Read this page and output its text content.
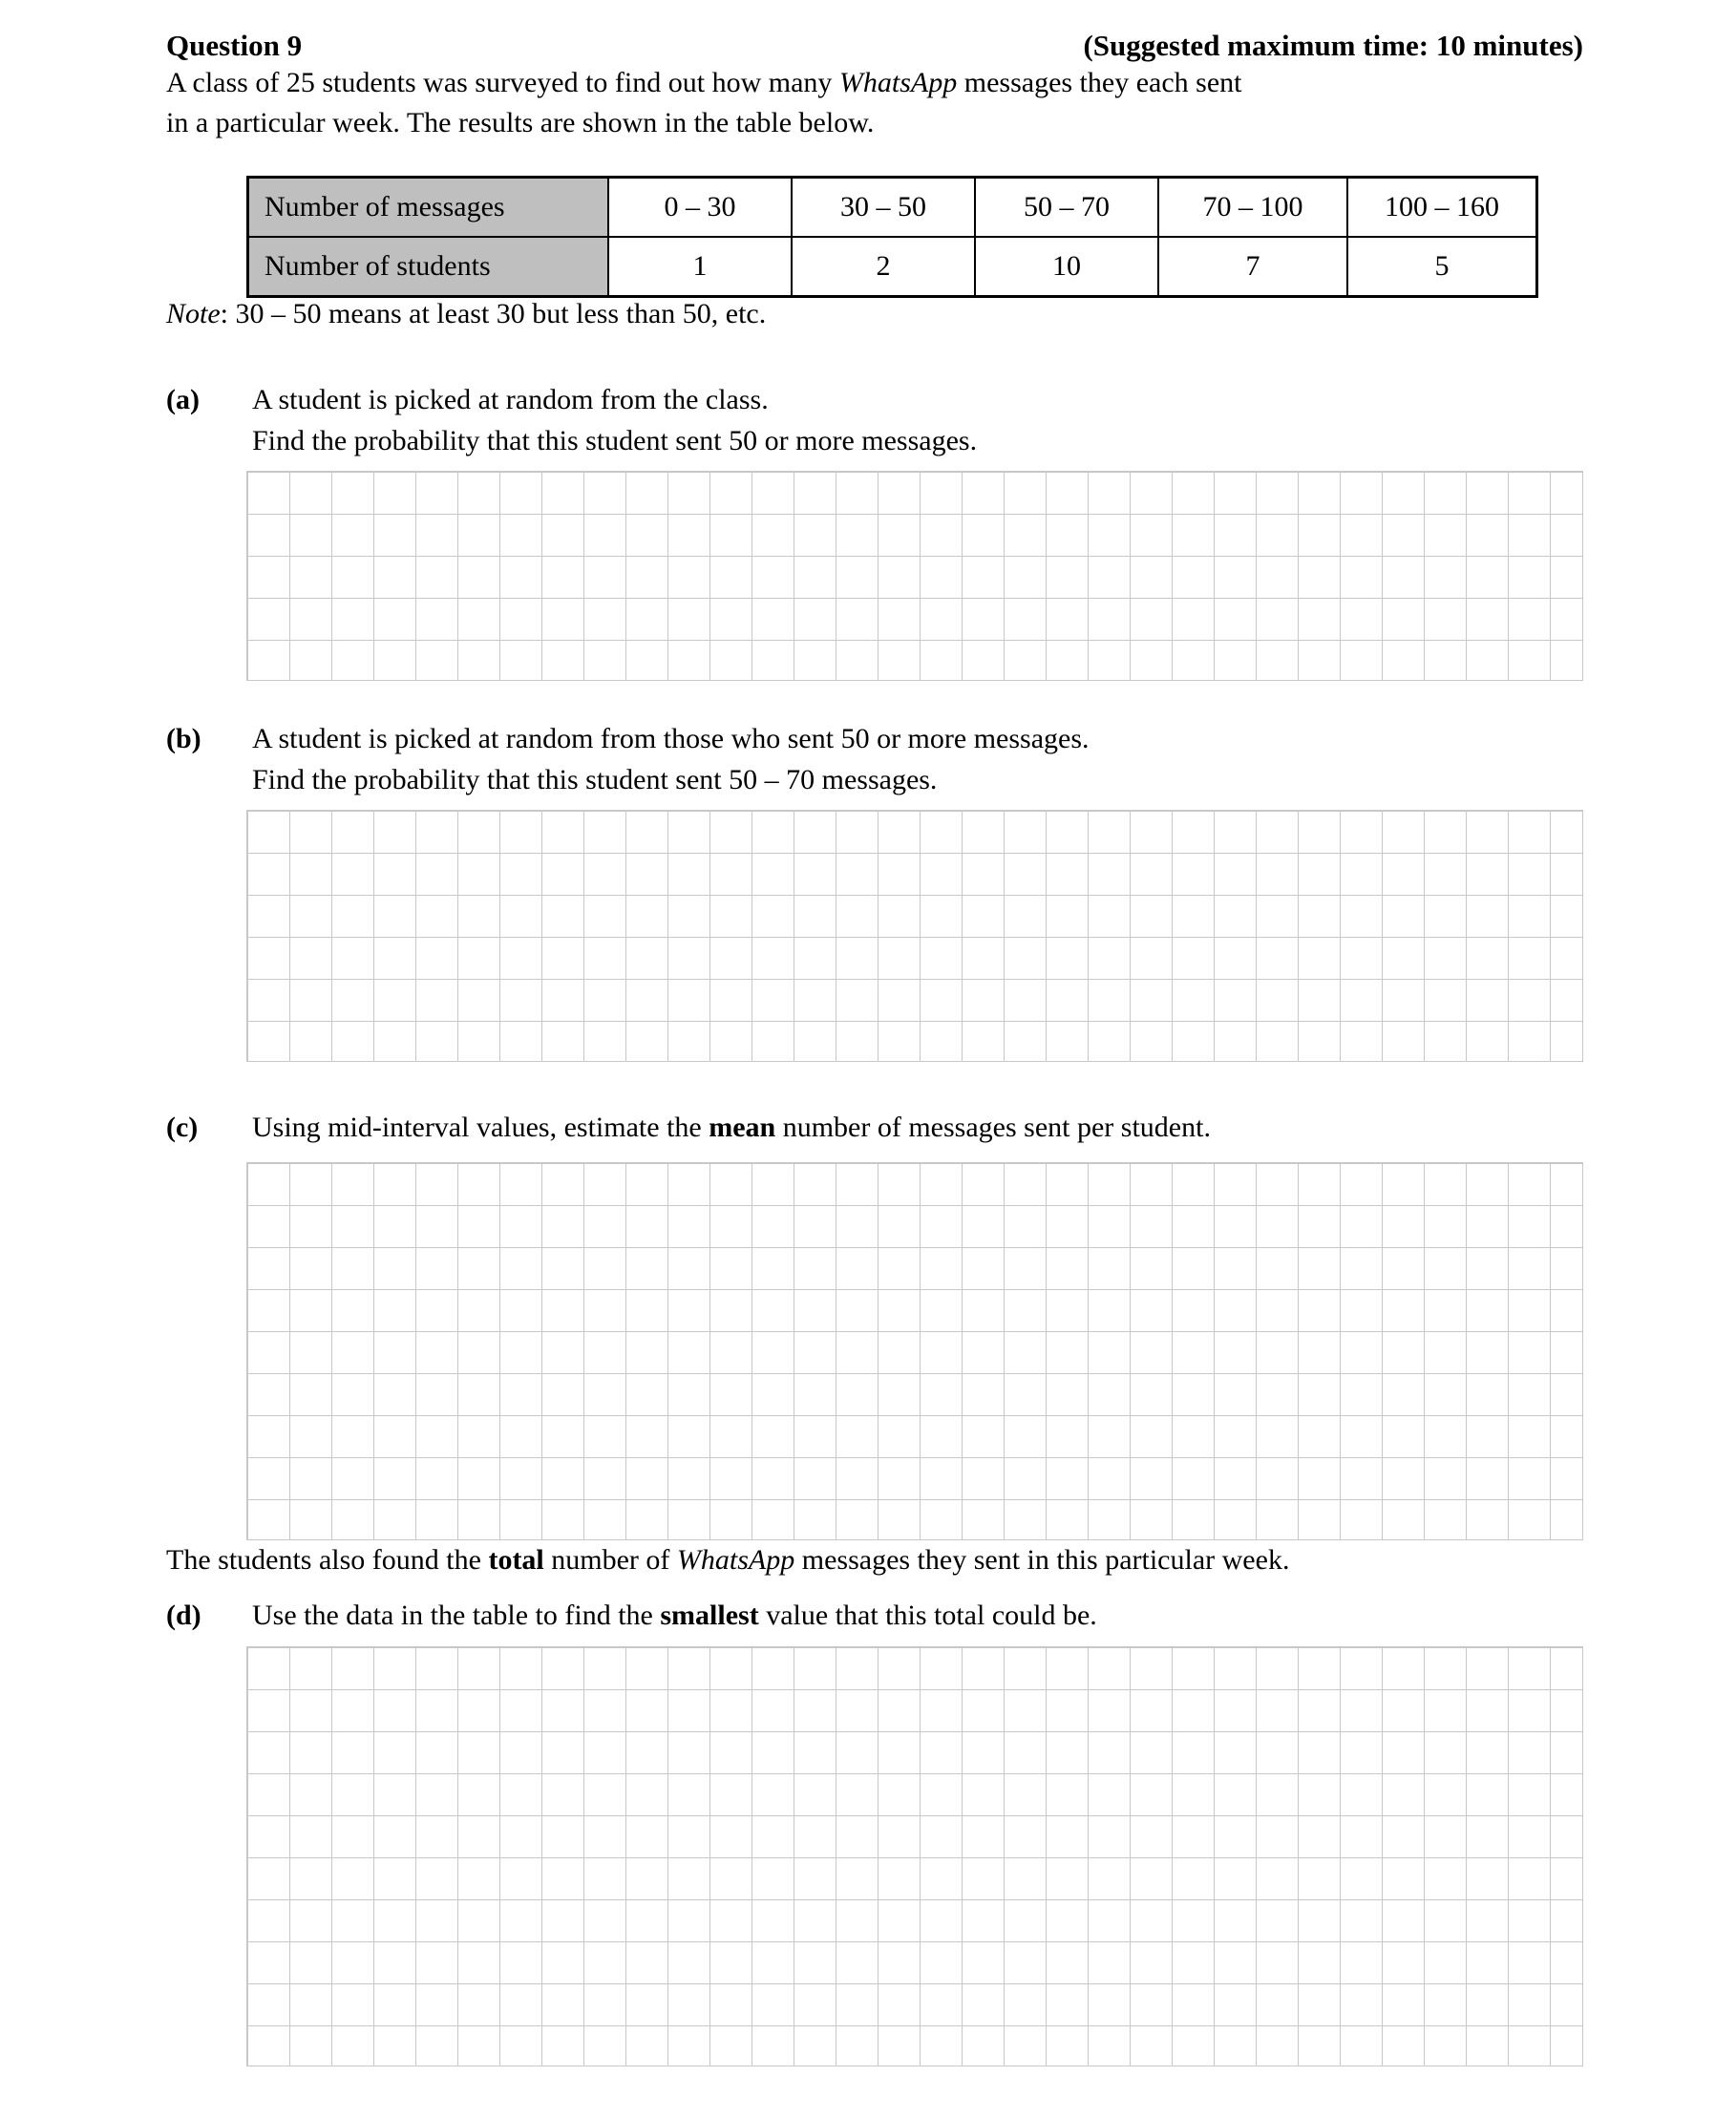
Question 9	(Suggested maximum time: 10 minutes)

A class of 25 students was surveyed to find out how many WhatsApp messages they each sent
in a particular week. The results are shown in the table below.

Number of messages	0 – 30	30 – 50	50 – 70	70 – 100	100 – 160
Number of students	1	2	10	7	5

Note: 30 – 50 means at least 30 but less than 50, etc.

(a)	A student is picked at random from the class.
Find the probability that this student sent 50 or more messages.

(b)	A student is picked at random from those who sent 50 or more messages.
Find the probability that this student sent 50 – 70 messages.

(c)	Using mid-interval values, estimate the mean number of messages sent per student.

The students also found the total number of WhatsApp messages they sent in this particular week.

(d)	Use the data in the table to find the smallest value that this total could be.
